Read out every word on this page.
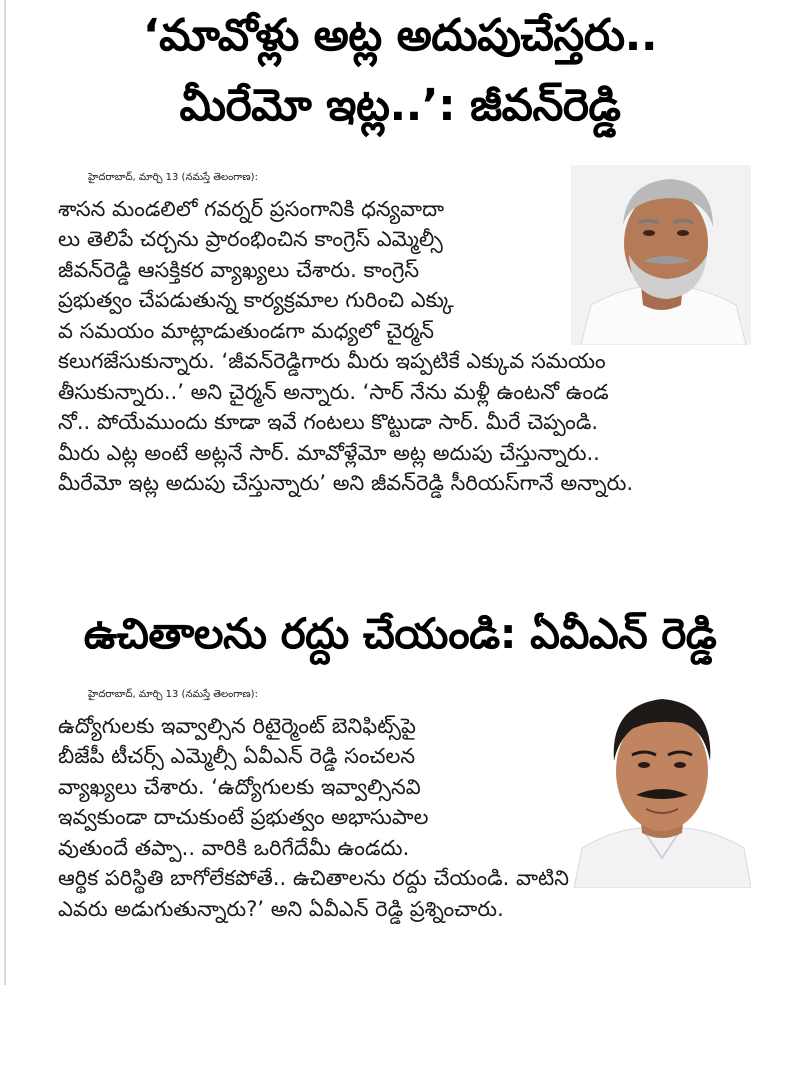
‘మావోళ్లు అట్ల అదుపుచేస్తరు..
మీరేమో ఇట్ల..’: జీవన్‌రెడ్డి
హైదరాబాద్‌, మార్చి 13 (నమస్తే తెలంగాణ):
శాసన మండలిలో గవర్నర్‌ ప్రసంగానికి ధన్యవాదా
లు తెలిపే చర్చను ప్రారంభించిన కాంగ్రెస్‌ ఎమ్మెల్సీ
జీవన్‌రెడ్డి ఆసక్తికర వ్యాఖ్యలు చేశారు. కాంగ్రెస్‌
ప్రభుత్వం చేపడుతున్న కార్యక్రమాల గురించి ఎక్కు
వ సమయం మాట్లాడుతుండగా మధ్యలో చైర్మన్‌
కలుగజేసుకున్నారు. ‘జీవన్‌రెడ్డిగారు మీరు ఇప్పటికే ఎక్కువ సమయం
తీసుకున్నారు..’ అని చైర్మన్‌ అన్నారు. ‘సార్‌ నేను మళ్లీ ఉంటనో ఉండ
నో.. పోయేముందు కూడా ఇవే గంటలు కొట్టుడా సార్‌. మీరే చెప్పండి.
మీరు ఎట్ల అంటే అట్లనే సార్‌. మావోళ్లేమో అట్ల అదుపు చేస్తున్నారు..
మీరేమో ఇట్ల అదుపు చేస్తున్నారు’ అని జీవన్‌రెడ్డి సీరియస్‌గానే అన్నారు.
ఉచితాలను రద్దు చేయండి: ఏవీఎన్‌ రెడ్డి
హైదరాబాద్‌, మార్చి 13 (నమస్తే తెలంగాణ):
ఉద్యోగులకు ఇవ్వాల్సిన రిటైర్మెంట్‌ బెనిఫిట్స్‌పై
బీజేపీ టీచర్స్‌ ఎమ్మెల్సీ ఏవీఎన్‌ రెడ్డి సంచలన
వ్యాఖ్యలు చేశారు. ‘ఉద్యోగులకు ఇవ్వాల్సినవి
ఇవ్వకుండా దాచుకుంటే ప్రభుత్వం అభాసుపాల
వుతుందే తప్పా.. వారికి ఒరిగేదేమీ ఉండదు.
ఆర్థిక పరిస్థితి బాగోలేకపోతే.. ఉచితాలను రద్దు చేయండి. వాటిని
ఎవరు అడుగుతున్నారు?’ అని ఏవీఎన్‌ రెడ్డి ప్రశ్నించారు.
